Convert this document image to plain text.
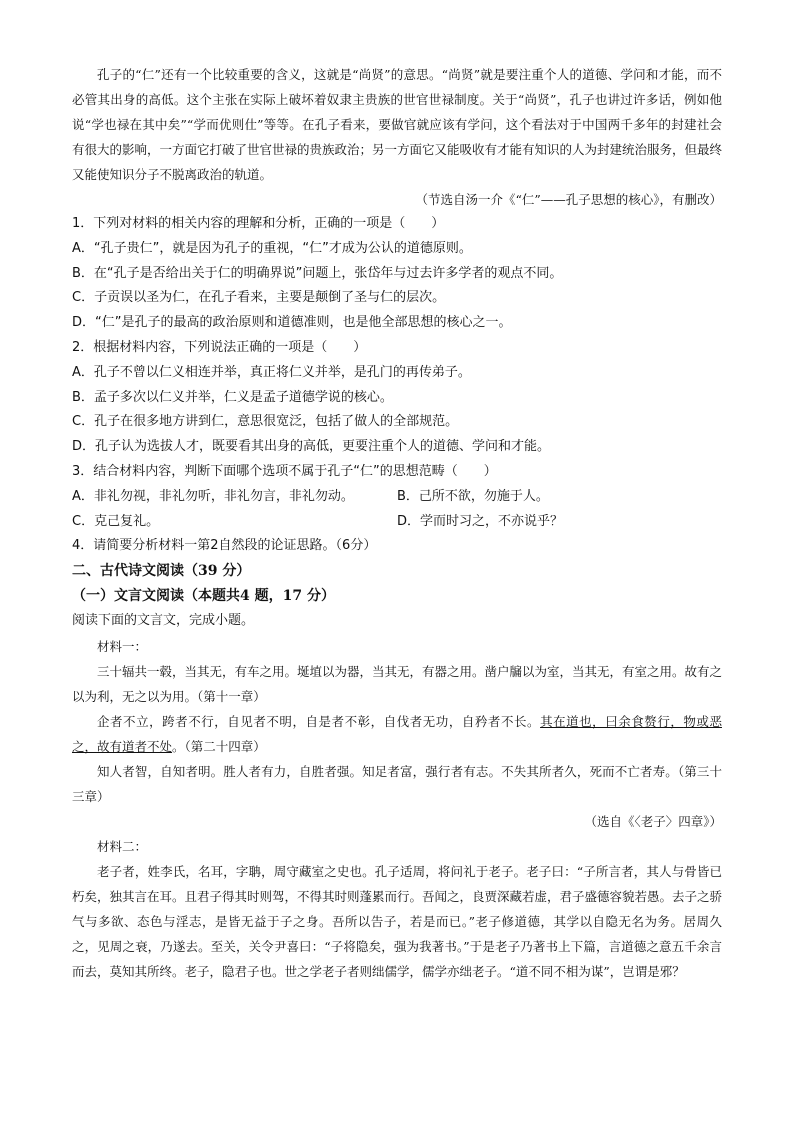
孔子的“仁”还有一个比较重要的含义，这就是“尚贤”的意思。“尚贤”就是要注重个人的道德、学问和才能，而不必管其出身的高低。这个主张在实际上破坏着奴隶主贵族的世官世禄制度。关于“尚贤”，孔子也讲过许多话，例如他说“学也禄在其中矣”“学而优则仕”等等。在孔子看来，要做官就应该有学问，这个看法对于中国两千多年的封建社会有很大的影响，一方面它打破了世官世禄的贵族政治；另一方面它又能吸收有才能有知识的人为封建统治服务，但最终又能使知识分子不脱离政治的轨道。

（节选自汤一介《“仁”——孔子思想的核心》，有删改）

1．下列对材料的相关内容的理解和分析，正确的一项是（　　）

A．“孔子贵仁”，就是因为孔子的重视，“仁”才成为公认的道德原则。

B．在“孔子是否给出关于仁的明确界说”问题上，张岱年与过去许多学者的观点不同。

C．子贡误以圣为仁，在孔子看来，主要是颠倒了圣与仁的层次。

D．“仁”是孔子的最高的政治原则和道德准则，也是他全部思想的核心之一。

2．根据材料内容，下列说法正确的一项是（　　）

A．孔子不曾以仁义相连并举，真正将仁义并举，是孔门的再传弟子。

B．孟子多次以仁义并举，仁义是孟子道德学说的核心。

C．孔子在很多地方讲到仁，意思很宽泛，包括了做人的全部规范。

D．孔子认为选拔人才，既要看其出身的高低，更要注重个人的道德、学问和才能。

3．结合材料内容，判断下面哪个选项不属于孔子“仁”的思想范畴（　　）

A．非礼勿视，非礼勿听，非礼勿言，非礼勿动。	B．己所不欲，勿施于人。
C．克己复礼。	D．学而时习之，不亦说乎？

4．请简要分析材料一第2自然段的论证思路。（6分）

二、古代诗文阅读（39 分）

（一）文言文阅读（本题共4 题，17 分）

阅读下面的文言文，完成小题。

材料一：

三十辐共一毂，当其无，有车之用。埏埴以为器，当其无，有器之用。凿户牖以为室，当其无，有室之用。故有之以为利，无之以为用。（第十一章）

企者不立，跨者不行，自见者不明，自是者不彰，自伐者无功，自矜者不长。其在道也，曰余食赘行，物或恶之，故有道者不处。（第二十四章）

知人者智，自知者明。胜人者有力，自胜者强。知足者富，强行者有志。不失其所者久，死而不亡者寿。（第三十三章）

（选自《〈老子〉四章》）

材料二：

老子者，姓李氏，名耳，字聃，周守藏室之史也。孔子适周，将问礼于老子。老子曰：“子所言者，其人与骨皆已朽矣，独其言在耳。且君子得其时则驾，不得其时则蓬累而行。吾闻之，良贾深藏若虚，君子盛德容貌若愚。去子之骄气与多欲、态色与淫志，是皆无益于子之身。吾所以告子，若是而已。”老子修道德，其学以自隐无名为务。居周久之，见周之衰，乃遂去。至关，关令尹喜曰：“子将隐矣，强为我著书。”于是老子乃著书上下篇，言道德之意五千余言而去，莫知其所终。老子，隐君子也。世之学老子者则绌儒学，儒学亦绌老子。“道不同不相为谋”，岂谓是邪？
